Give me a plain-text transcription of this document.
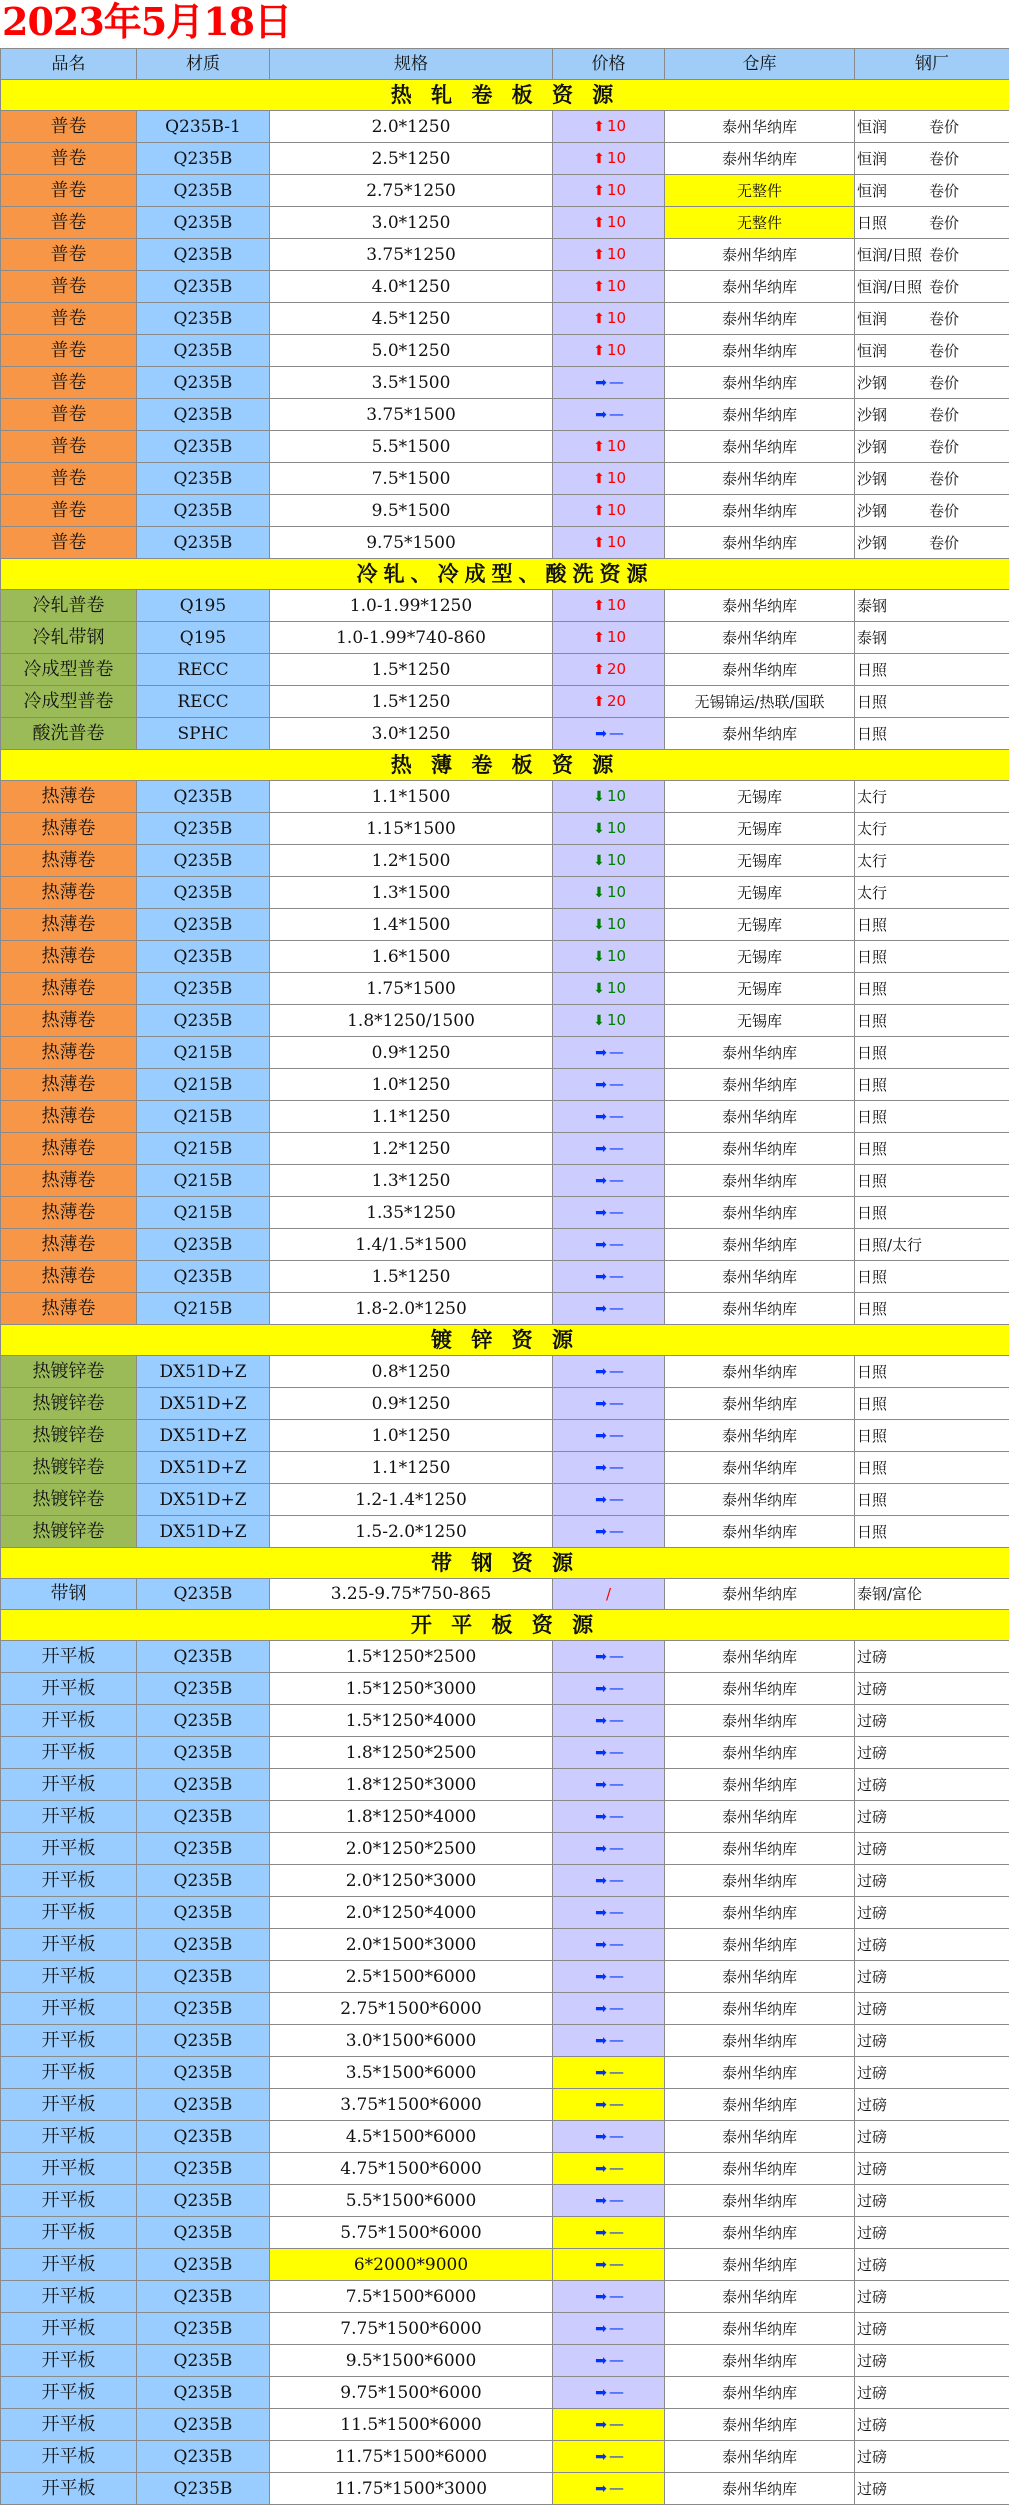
2023年5月18日
品名	材质	规格	价格	仓库	钢厂
热 轧 卷 板 资 源					
普卷	Q235B-1	2.0*1250	⬆ 10	泰州华纳库	恒润 卷价
普卷	Q235B	2.5*1250	⬆ 10	泰州华纳库	恒润 卷价
普卷	Q235B	2.75*1250	⬆ 10	无整件	恒润 卷价
普卷	Q235B	3.0*1250	⬆ 10	无整件	日照 卷价
普卷	Q235B	3.75*1250	⬆ 10	泰州华纳库	恒润/日照 卷价
普卷	Q235B	4.0*1250	⬆ 10	泰州华纳库	恒润/日照 卷价
普卷	Q235B	4.5*1250	⬆ 10	泰州华纳库	恒润 卷价
普卷	Q235B	5.0*1250	⬆ 10	泰州华纳库	恒润 卷价
普卷	Q235B	3.5*1500	➡ —	泰州华纳库	沙钢 卷价
普卷	Q235B	3.75*1500	➡ —	泰州华纳库	沙钢 卷价
普卷	Q235B	5.5*1500	⬆ 10	泰州华纳库	沙钢 卷价
普卷	Q235B	7.5*1500	⬆ 10	泰州华纳库	沙钢 卷价
普卷	Q235B	9.5*1500	⬆ 10	泰州华纳库	沙钢 卷价
普卷	Q235B	9.75*1500	⬆ 10	泰州华纳库	沙钢 卷价
冷轧、冷成型、酸洗资源					
冷轧普卷	Q195	1.0-1.99*1250	⬆ 10	泰州华纳库	泰钢
冷轧带钢	Q195	1.0-1.99*740-860	⬆ 10	泰州华纳库	泰钢
冷成型普卷	RECC	1.5*1250	⬆ 20	泰州华纳库	日照
冷成型普卷	RECC	1.5*1250	⬆ 20	无锡锦运/热联/国联	日照
酸洗普卷	SPHC	3.0*1250	➡ —	泰州华纳库	日照
热 薄 卷 板 资 源					
热薄卷	Q235B	1.1*1500	⬇ 10	无锡库	太行
热薄卷	Q235B	1.15*1500	⬇ 10	无锡库	太行
热薄卷	Q235B	1.2*1500	⬇ 10	无锡库	太行
热薄卷	Q235B	1.3*1500	⬇ 10	无锡库	太行
热薄卷	Q235B	1.4*1500	⬇ 10	无锡库	日照
热薄卷	Q235B	1.6*1500	⬇ 10	无锡库	日照
热薄卷	Q235B	1.75*1500	⬇ 10	无锡库	日照
热薄卷	Q235B	1.8*1250/1500	⬇ 10	无锡库	日照
热薄卷	Q215B	0.9*1250	➡ —	泰州华纳库	日照
热薄卷	Q215B	1.0*1250	➡ —	泰州华纳库	日照
热薄卷	Q215B	1.1*1250	➡ —	泰州华纳库	日照
热薄卷	Q215B	1.2*1250	➡ —	泰州华纳库	日照
热薄卷	Q215B	1.3*1250	➡ —	泰州华纳库	日照
热薄卷	Q215B	1.35*1250	➡ —	泰州华纳库	日照
热薄卷	Q235B	1.4/1.5*1500	➡ —	泰州华纳库	日照/太行
热薄卷	Q235B	1.5*1250	➡ —	泰州华纳库	日照
热薄卷	Q215B	1.8-2.0*1250	➡ —	泰州华纳库	日照
镀 锌 资 源					
热镀锌卷	DX51D+Z	0.8*1250	➡ —	泰州华纳库	日照
热镀锌卷	DX51D+Z	0.9*1250	➡ —	泰州华纳库	日照
热镀锌卷	DX51D+Z	1.0*1250	➡ —	泰州华纳库	日照
热镀锌卷	DX51D+Z	1.1*1250	➡ —	泰州华纳库	日照
热镀锌卷	DX51D+Z	1.2-1.4*1250	➡ —	泰州华纳库	日照
热镀锌卷	DX51D+Z	1.5-2.0*1250	➡ —	泰州华纳库	日照
带 钢 资 源					
带钢	Q235B	3.25-9.75*750-865	/	泰州华纳库	泰钢/富伦
开 平 板 资 源					
开平板	Q235B	1.5*1250*2500	➡ —	泰州华纳库	过磅
开平板	Q235B	1.5*1250*3000	➡ —	泰州华纳库	过磅
开平板	Q235B	1.5*1250*4000	➡ —	泰州华纳库	过磅
开平板	Q235B	1.8*1250*2500	➡ —	泰州华纳库	过磅
开平板	Q235B	1.8*1250*3000	➡ —	泰州华纳库	过磅
开平板	Q235B	1.8*1250*4000	➡ —	泰州华纳库	过磅
开平板	Q235B	2.0*1250*2500	➡ —	泰州华纳库	过磅
开平板	Q235B	2.0*1250*3000	➡ —	泰州华纳库	过磅
开平板	Q235B	2.0*1250*4000	➡ —	泰州华纳库	过磅
开平板	Q235B	2.0*1500*3000	➡ —	泰州华纳库	过磅
开平板	Q235B	2.5*1500*6000	➡ —	泰州华纳库	过磅
开平板	Q235B	2.75*1500*6000	➡ —	泰州华纳库	过磅
开平板	Q235B	3.0*1500*6000	➡ —	泰州华纳库	过磅
开平板	Q235B	3.5*1500*6000	➡ —	泰州华纳库	过磅
开平板	Q235B	3.75*1500*6000	➡ —	泰州华纳库	过磅
开平板	Q235B	4.5*1500*6000	➡ —	泰州华纳库	过磅
开平板	Q235B	4.75*1500*6000	➡ —	泰州华纳库	过磅
开平板	Q235B	5.5*1500*6000	➡ —	泰州华纳库	过磅
开平板	Q235B	5.75*1500*6000	➡ —	泰州华纳库	过磅
开平板	Q235B	6*2000*9000	➡ —	泰州华纳库	过磅
开平板	Q235B	7.5*1500*6000	➡ —	泰州华纳库	过磅
开平板	Q235B	7.75*1500*6000	➡ —	泰州华纳库	过磅
开平板	Q235B	9.5*1500*6000	➡ —	泰州华纳库	过磅
开平板	Q235B	9.75*1500*6000	➡ —	泰州华纳库	过磅
开平板	Q235B	11.5*1500*6000	➡ —	泰州华纳库	过磅
开平板	Q235B	11.75*1500*6000	➡ —	泰州华纳库	过磅
开平板	Q235B	11.75*1500*3000	➡ —	泰州华纳库	过磅
